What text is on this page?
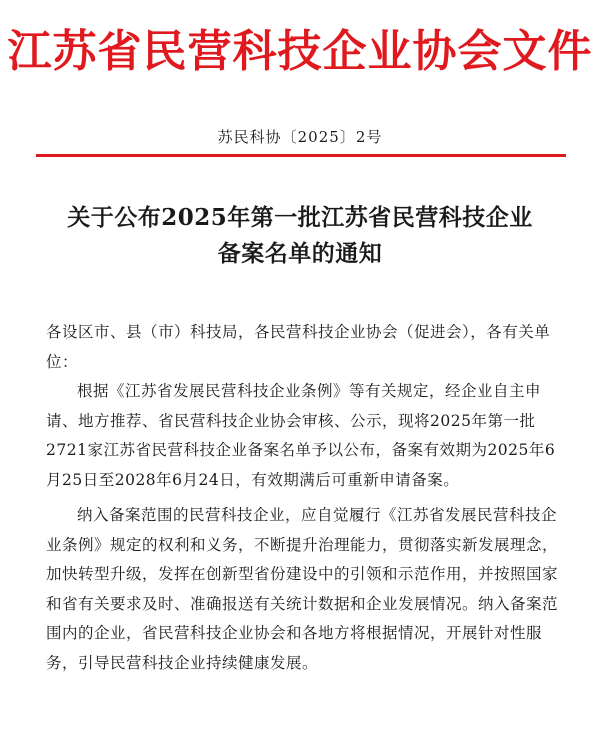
江苏省民营科技企业协会文件
苏民科协〔2025〕2号
关于公布2025年第一批江苏省民营科技企业
备案名单的通知

各设区市、县（市）科技局，各民营科技企业协会（促进会），各有关单位：

根据《江苏省发展民营科技企业条例》等有关规定，经企业自主申请、地方推荐、省民营科技企业协会审核、公示，现将2025年第一批2721家江苏省民营科技企业备案名单予以公布，备案有效期为2025年6月25日至2028年6月24日，有效期满后可重新申请备案。

纳入备案范围的民营科技企业，应自觉履行《江苏省发展民营科技企业条例》规定的权利和义务，不断提升治理能力，贯彻落实新发展理念，加快转型升级，发挥在创新型省份建设中的引领和示范作用，并按照国家和省有关要求及时、准确报送有关统计数据和企业发展情况。纳入备案范围内的企业，省民营科技企业协会和各地方将根据情况，开展针对性服务，引导民营科技企业持续健康发展。
